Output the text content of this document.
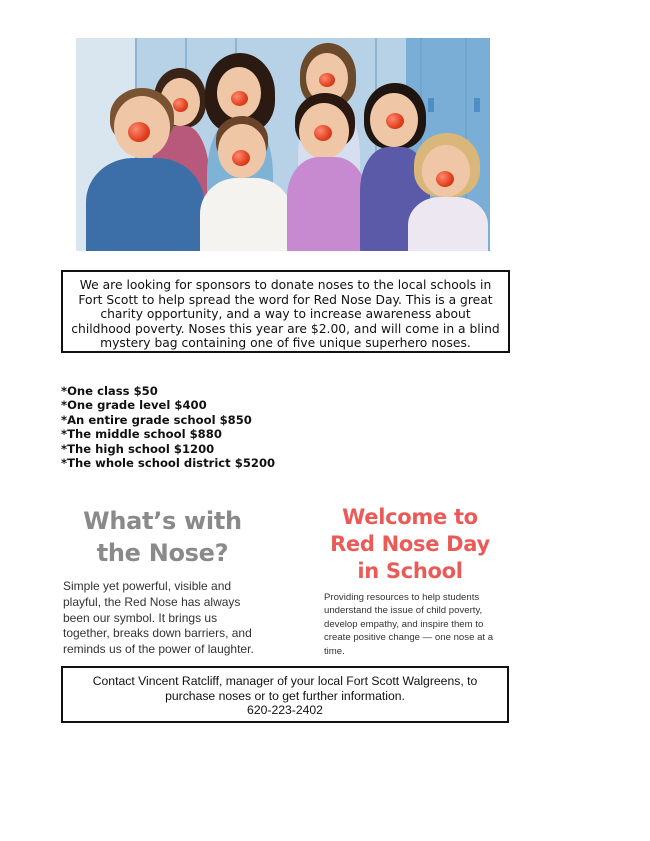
We are looking for sponsors to donate noses to the local schools in Fort Scott to help spread the word for Red Nose Day. This is a great charity opportunity, and a way to increase awareness about childhood poverty. Noses this year are $2.00, and will come in a blind mystery bag containing one of five unique superhero noses.

*One class $50
*One grade level $400
*An entire grade school $850
*The middle school $880
*The high school $1200
*The whole school district $5200
What’s with
the Nose?

Simple yet powerful, visible and playful, the Red Nose has always been our symbol. It brings us together, breaks down barriers, and reminds us of the power of laughter.

Welcome to
Red Nose Day
in School

Providing resources to help students understand the issue of child poverty, develop empathy, and inspire them to create positive change — one nose at a time.

Contact Vincent Ratcliff, manager of your local Fort Scott Walgreens, to purchase noses or to get further information.

620-223-2402
